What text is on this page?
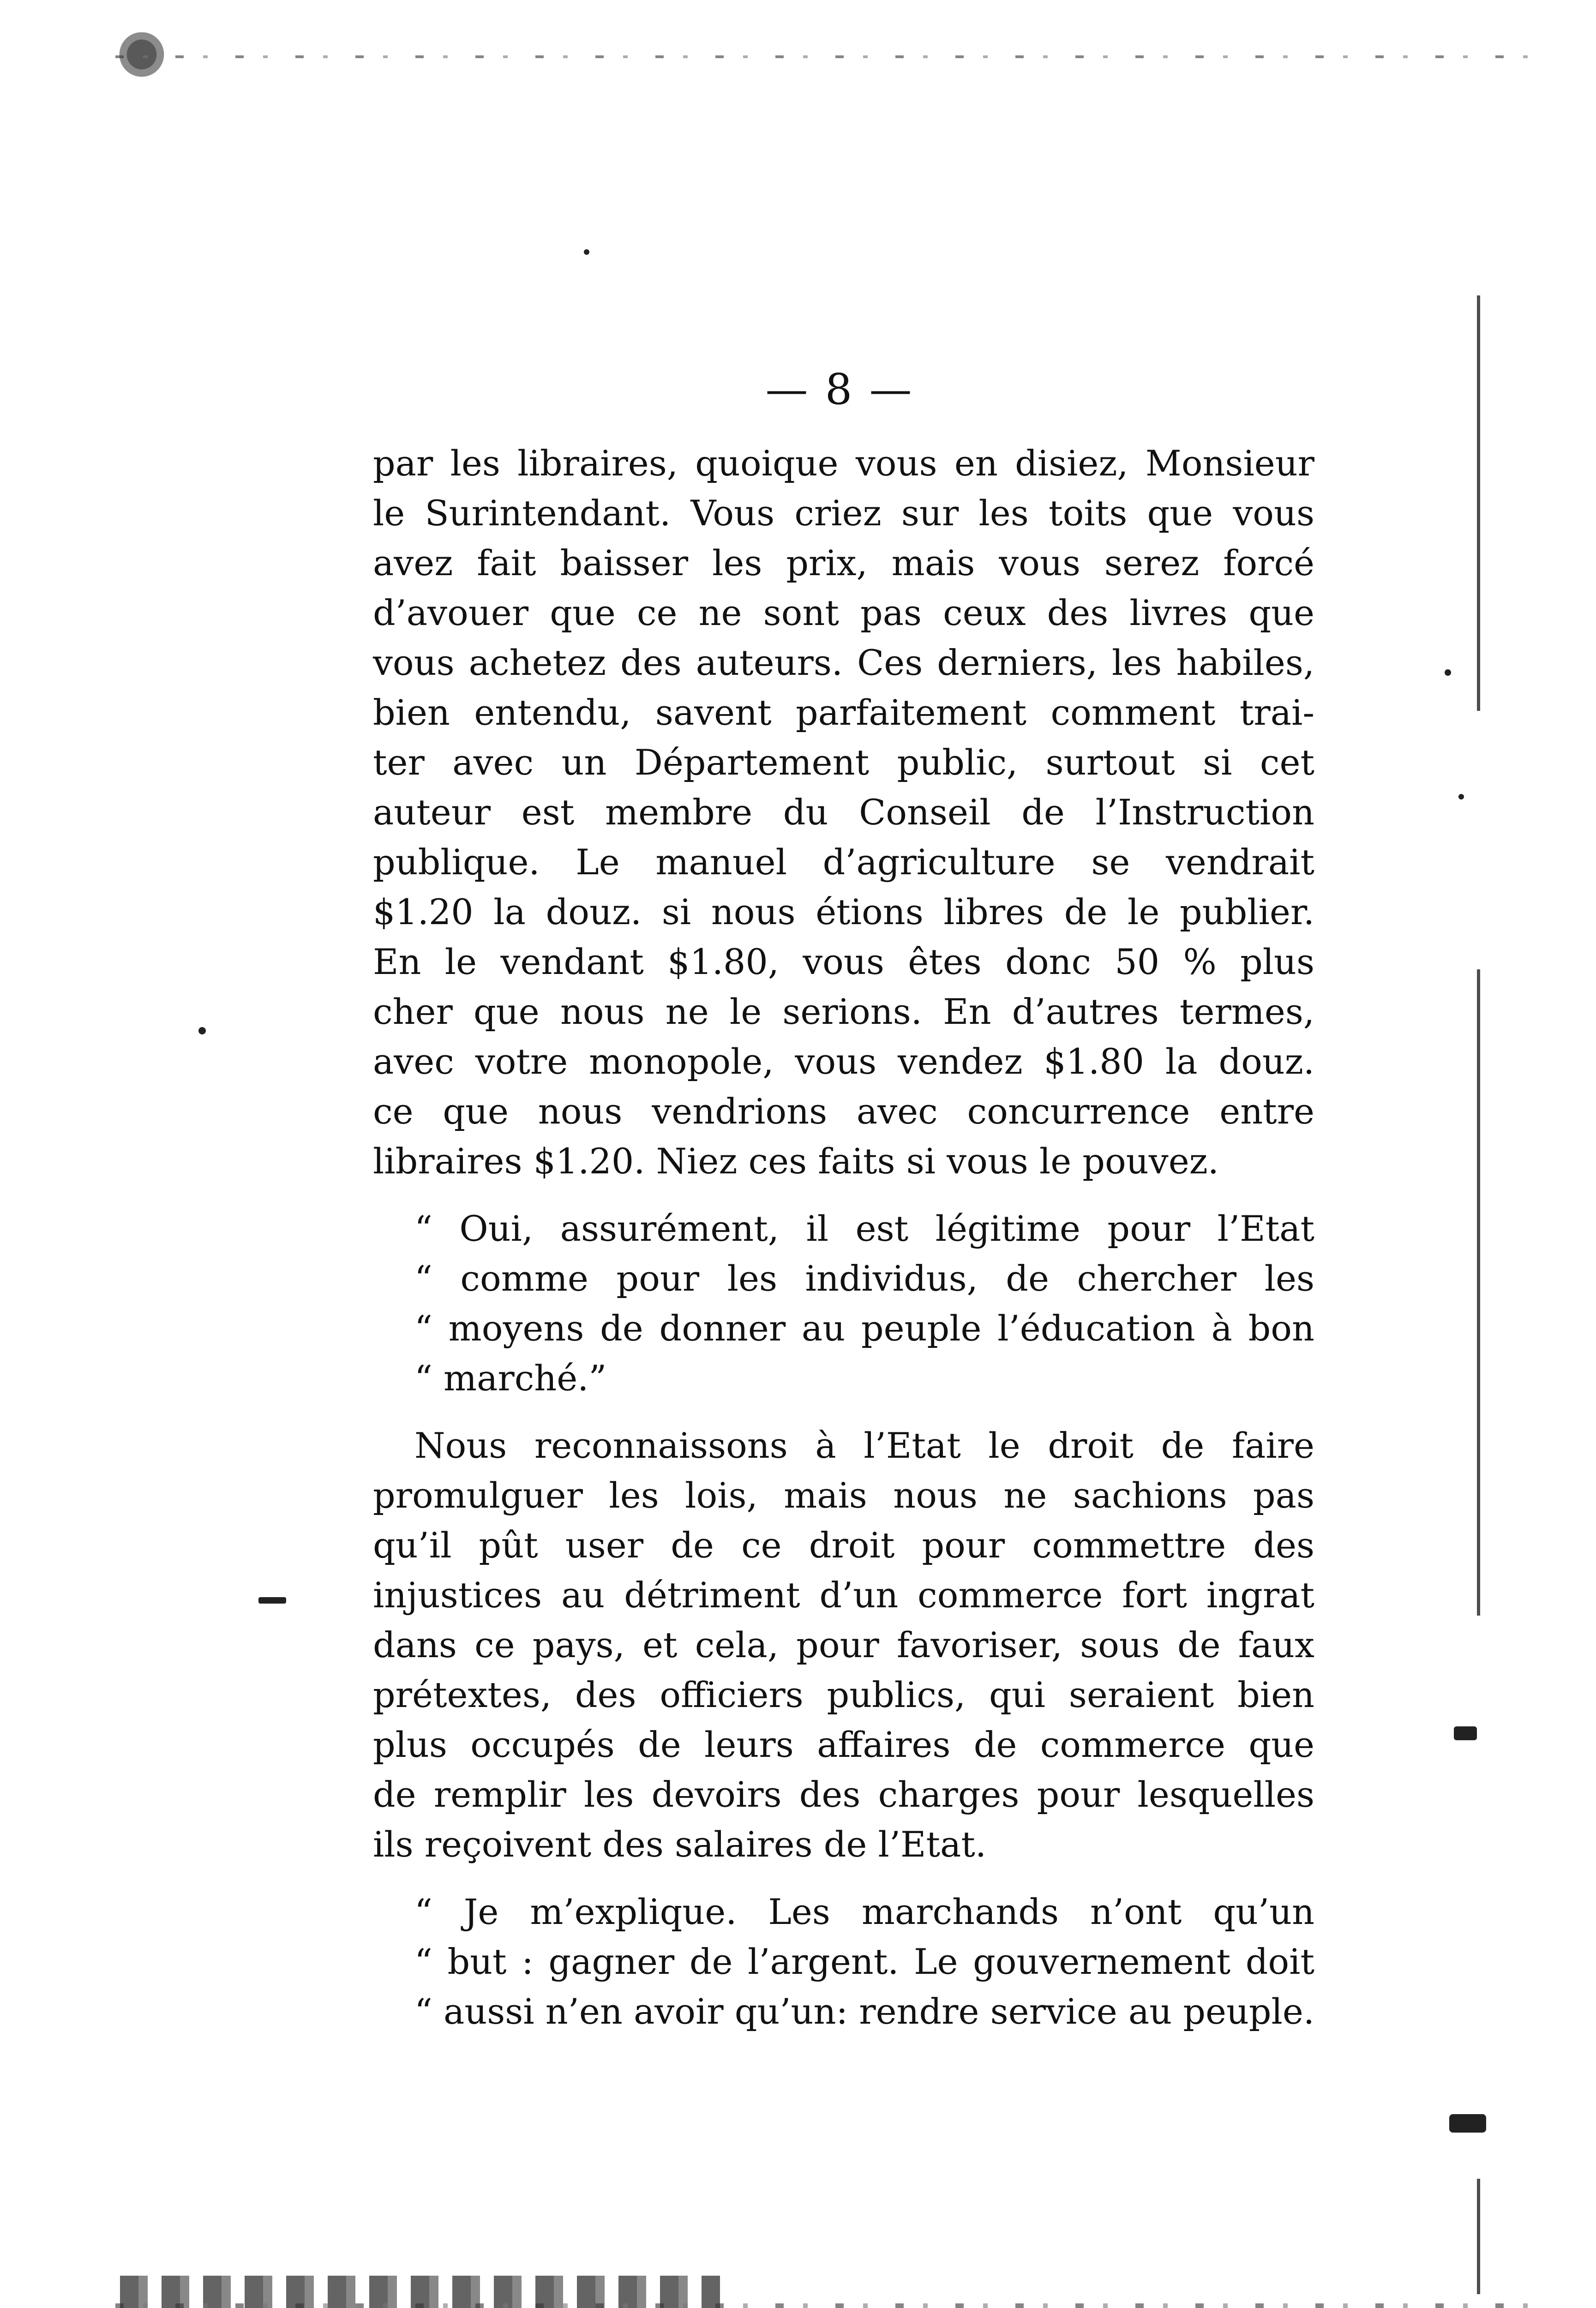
— 8 —
par les libraires, quoique vous en disiez, Monsieur
le Surintendant. Vous criez sur les toits que vous
avez fait baisser les prix, mais vous serez forcé
d’avouer que ce ne sont pas ceux des livres que
vous achetez des auteurs. Ces derniers, les habiles,
bien entendu, savent parfaitement comment trai-
ter avec un Département public, surtout si cet
auteur est membre du Conseil de l’Instruction
publique. Le manuel d’agriculture se vendrait
$1.20 la douz. si nous étions libres de le publier.
En le vendant $1.80, vous êtes donc 50 % plus
cher que nous ne le serions. En d’autres termes,
avec votre monopole, vous vendez $1.80 la douz.
ce que nous vendrions avec concurrence entre
libraires $1.20. Niez ces faits si vous le pouvez.
“ Oui, assurément, il est légitime pour l’Etat
“ comme pour les individus, de chercher les
“ moyens de donner au peuple l’éducation à bon
“ marché.”
Nous reconnaissons à l’Etat le droit de faire
promulguer les lois, mais nous ne sachions pas
qu’il pût user de ce droit pour commettre des
injustices au détriment d’un commerce fort ingrat
dans ce pays, et cela, pour favoriser, sous de faux
prétextes, des officiers publics, qui seraient bien
plus occupés de leurs affaires de commerce que
de remplir les devoirs des charges pour lesquelles
ils reçoivent des salaires de l’Etat.
“ Je m’explique. Les marchands n’ont qu’un
“ but : gagner de l’argent. Le gouvernement doit
“ aussi n’en avoir qu’un: rendre service au peuple.
